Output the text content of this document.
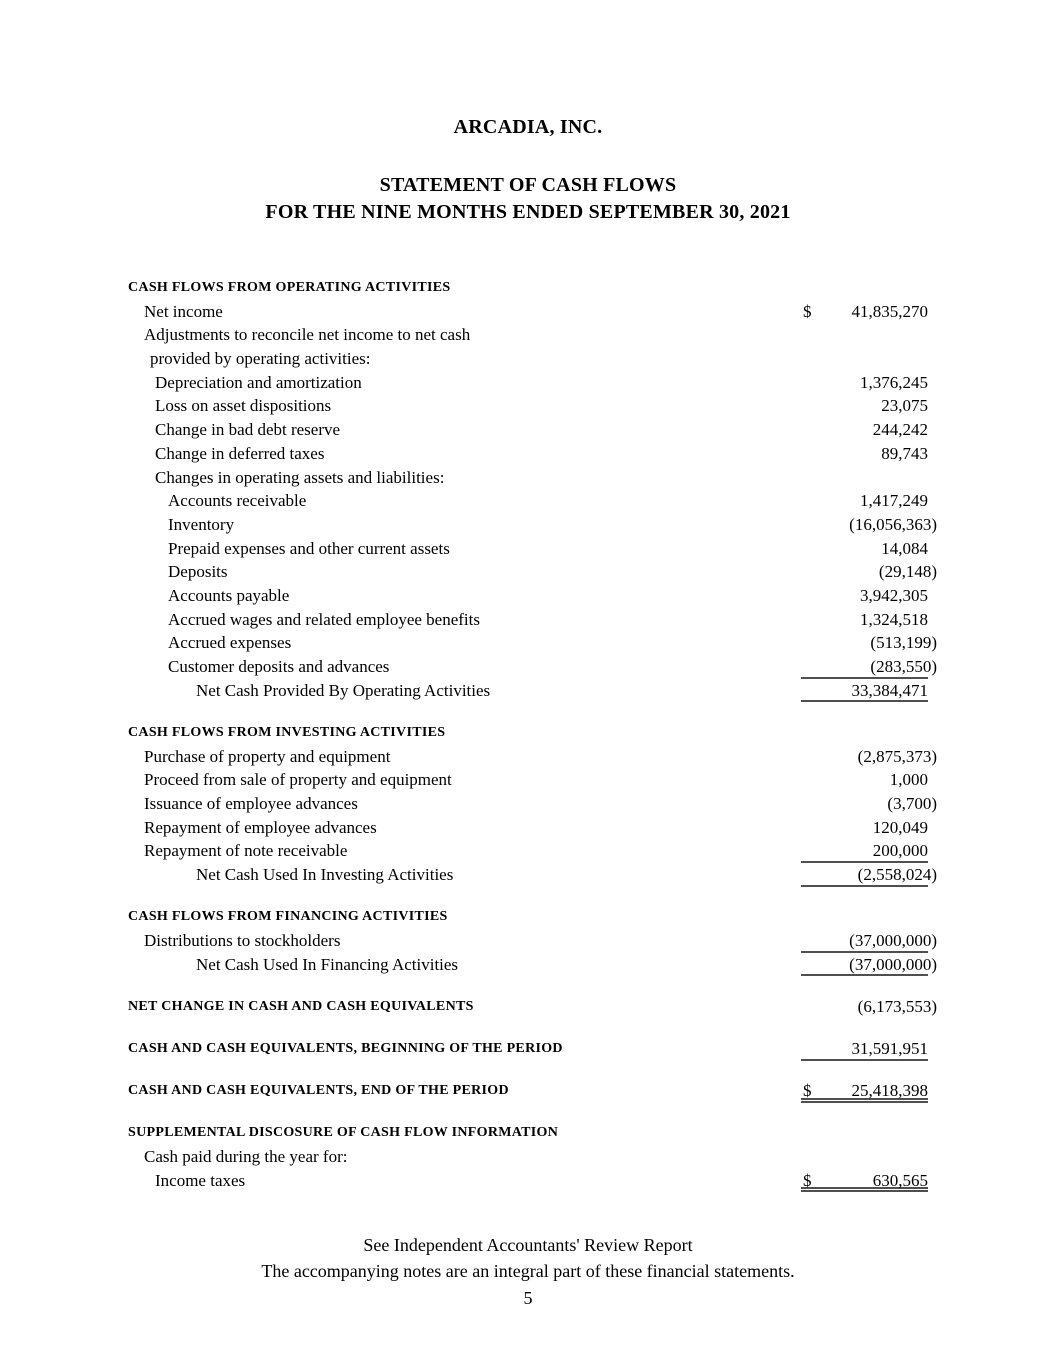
ARCADIA, INC.
STATEMENT OF CASH FLOWS
FOR THE NINE MONTHS ENDED SEPTEMBER 30, 2021
CASH FLOWS FROM OPERATING ACTIVITIES
Net income	$	41,835,270
Adjustments to reconcile net income to net cash
provided by operating activities:
Depreciation and amortization	1,376,245
Loss on asset dispositions	23,075
Change in bad debt reserve	244,242
Change in deferred taxes	89,743
Changes in operating assets and liabilities:
Accounts receivable	1,417,249
Inventory	(16,056,363)
Prepaid expenses and other current assets	14,084
Deposits	(29,148)
Accounts payable	3,942,305
Accrued wages and related employee benefits	1,324,518
Accrued expenses	(513,199)
Customer deposits and advances	(283,550)
Net Cash Provided By Operating Activities	33,384,471
CASH FLOWS FROM INVESTING ACTIVITIES
Purchase of property and equipment	(2,875,373)
Proceed from sale of property and equipment	1,000
Issuance of employee advances	(3,700)
Repayment of employee advances	120,049
Repayment of note receivable	200,000
Net Cash Used In Investing Activities	(2,558,024)
CASH FLOWS FROM FINANCING ACTIVITIES
Distributions to stockholders	(37,000,000)
Net Cash Used In Financing Activities	(37,000,000)
NET CHANGE IN CASH AND CASH EQUIVALENTS	(6,173,553)
CASH AND CASH EQUIVALENTS, BEGINNING OF THE PERIOD	31,591,951
CASH AND CASH EQUIVALENTS, END OF THE PERIOD	$	25,418,398
SUPPLEMENTAL DISCOSURE OF CASH FLOW INFORMATION
Cash paid during the year for:
Income taxes	$	630,565
See Independent Accountants' Review Report
The accompanying notes are an integral part of these financial statements.
5
